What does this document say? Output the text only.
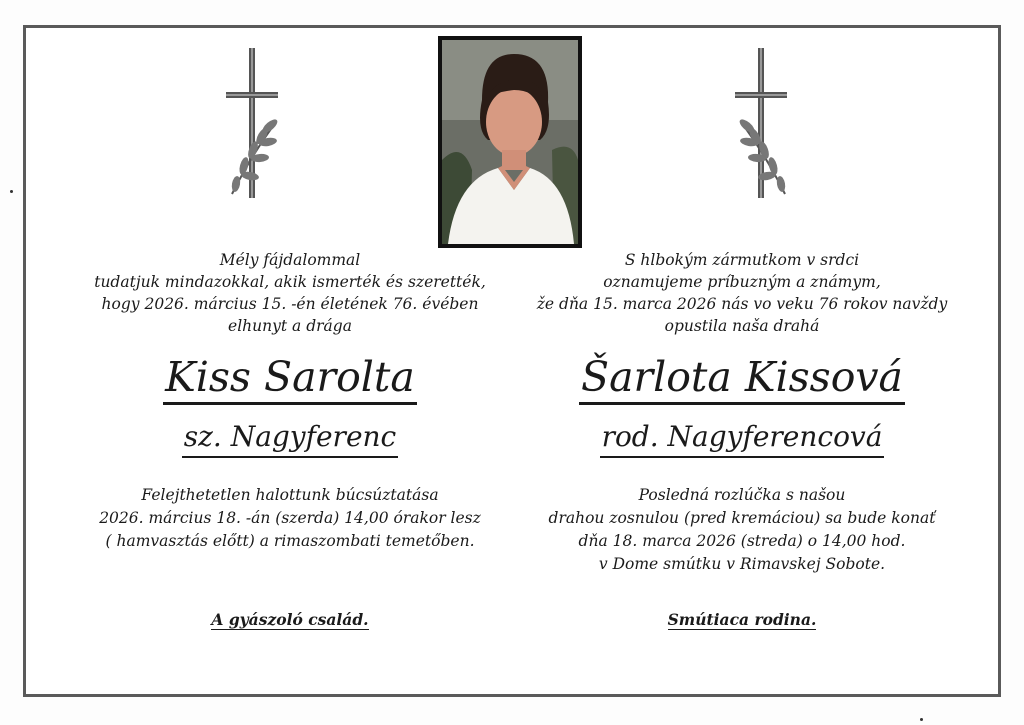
Mély fájdalommal
tudatjuk mindazokkal, akik ismerték és szerették,
hogy 2026. március 15. -én életének 76. évében
elhunyt a drága
Kiss Sarolta
sz. Nagyferenc
Felejthetetlen halottunk búcsúztatása
2026. március 18. -án (szerda) 14,00 órakor lesz
( hamvasztás előtt) a rimaszombati temetőben.
A gyászoló család.
S hlbokým zármutkom v srdci
oznamujeme príbuzným a známym,
že dňa 15. marca 2026 nás vo veku 76 rokov navždy
opustila naša drahá
Šarlota Kissová
rod. Nagyferencová
Posledná rozlúčka s našou
drahou zosnulou (pred kremáciou) sa bude konať
dňa 18. marca 2026 (streda) o 14,00 hod.
v Dome smútku v Rimavskej Sobote.
Smútiaca rodina.
